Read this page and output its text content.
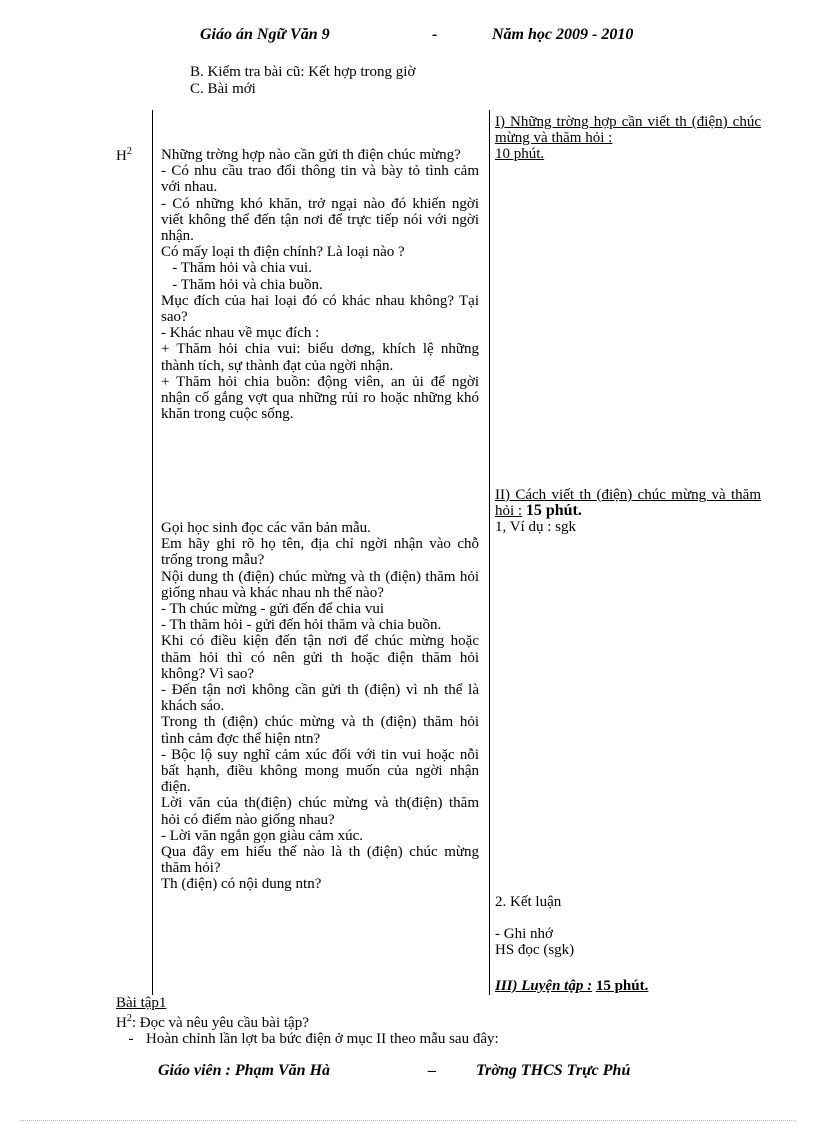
Giáo án Ngữ Văn 9	-	Năm học 2009 - 2010
B. Kiểm tra bài cũ: Kết hợp trong giờ
C. Bài mới
$H^2$ Những trờng hợp nào cần gửi th điện chúc mừng?

- Có nhu cầu trao đổi thông tin và bày tỏ tình cảm với nhau.

- Có những khó khăn, trở ngại nào đó khiến ngời viết không thể đến tận nơi để trực tiếp nói với ngời nhận.

Có mấy loại th điện chính? Là loại nào ?

- Thăm hỏi và chia vui.

- Thăm hỏi và chia buồn.

Mục đích của hai loại đó có khác nhau không? Tại sao?

- Khác nhau về mục đích :

+ Thăm hỏi chia vui: biểu dơng, khích lệ những thành tích, sự thành đạt của ngời nhận.

+ Thăm hỏi chia buồn: động viên, an ủi để ngời nhận cố gắng vợt qua những rủi ro hoặc những khó khăn trong cuộc sống.

Gọi học sinh đọc các văn bản mẫu.

Em hãy ghi rõ họ tên, địa chỉ ngời nhận vào chỗ trống trong mẫu?

Nội dung th (điện) chúc mừng và th (điện) thăm hỏi giống nhau và khác nhau nh thế nào?

- Th chúc mừng - gửi đến để chia vui

- Th thăm hỏi - gửi đến hỏi thăm và chia buồn.

Khi có điều kiện đến tận nơi để chúc mừng hoặc thăm hỏi thì có nên gửi th hoặc điện thăm hỏi không? Vì sao?

- Đến tận nơi không cần gửi th (điện) vì nh thế là khách sáo.

Trong th (điện) chúc mừng và th (điện) thăm hỏi tình cảm đợc thể hiện ntn?

- Bộc lộ suy nghĩ cảm xúc đối với tin vui hoặc nỗi bất hạnh, điều không mong muốn của ngời nhận điện.

Lời văn của th(điện) chúc mừng và th(điện) thăm hỏi có điểm nào giống nhau?

- Lời văn ngắn gọn giàu cảm xúc.

Qua đây em hiểu thế nào là th (điện) chúc mừng thăm hỏi?

Th (điện) có nội dung ntn?

I) Những trờng hợp cần viết th (điện) chúc mừng và thăm hỏi :

10 phút.

II) Cách viết th (điện) chúc mừng và thăm hỏi : 15 phút.

1, Ví dụ : sgk

2. Kết luận

- Ghi nhớ

HS đọc (sgk)

III) Luyện tập : 15 phút.

Bài tập1
$H^2$: Đọc và nêu yêu cầu bài tập?
- Hoàn chỉnh lần lợt ba bức điện ở mục II theo mẫu sau đây:
Giáo viên : Phạm Văn Hà	–	Trờng THCS Trực Phú
